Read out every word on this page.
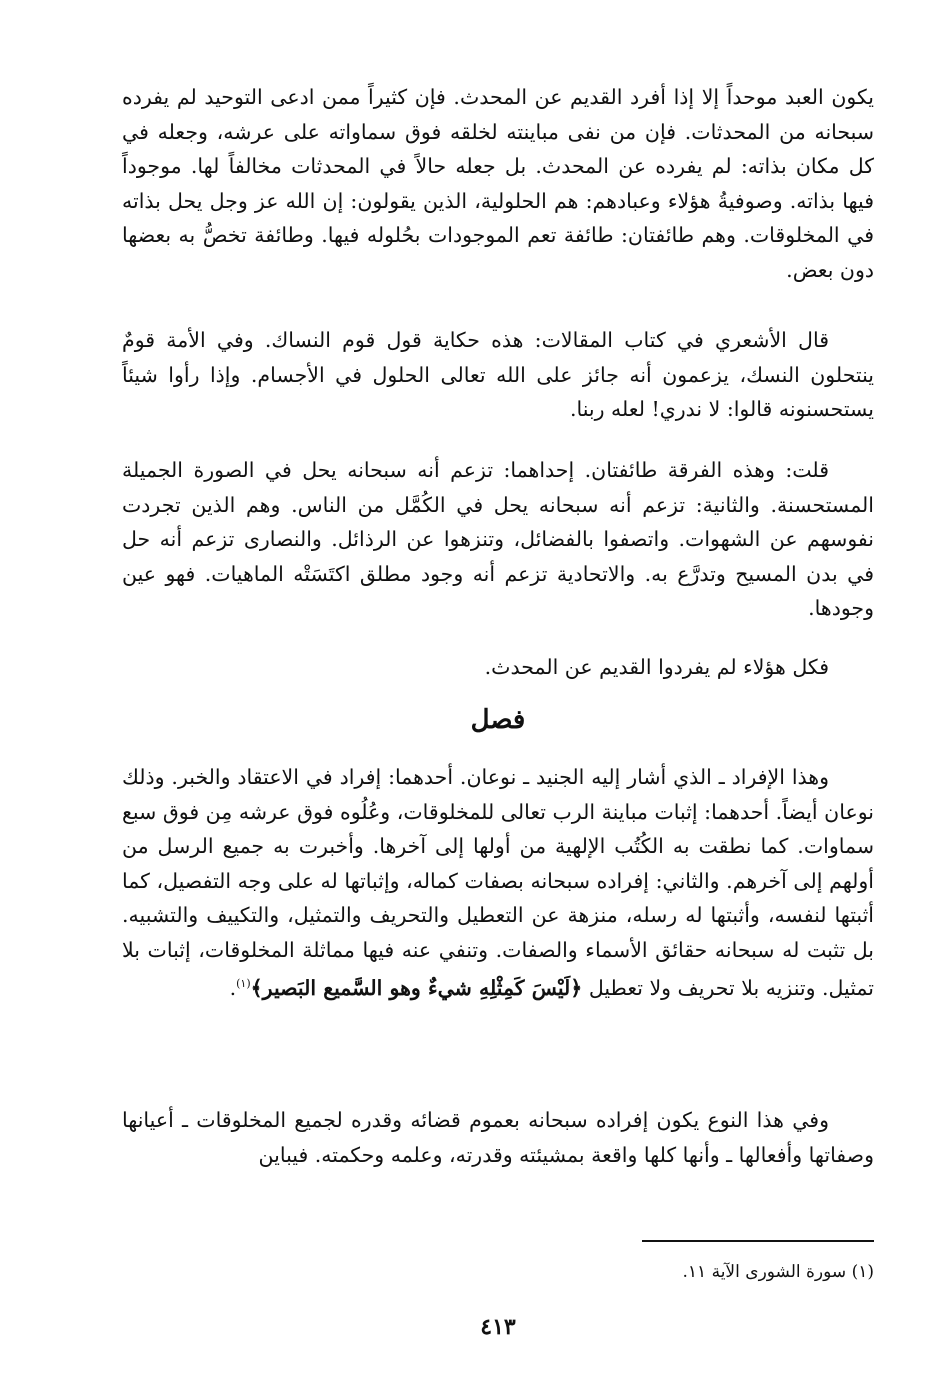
يكون العبد موحداً إلا إذا أفرد القديم عن المحدث. فإن كثيراً ممن ادعى التوحيد لم يفرده سبحانه من المحدثات. فإن من نفى مباينته لخلقه فوق سماواته على عرشه، وجعله في كل مكان بذاته: لم يفرده عن المحدث. بل جعله حالاً في المحدثات مخالفاً لها. موجوداً فيها بذاته. وصوفيةُ هؤلاء وعبادهم: هم الحلولية، الذين يقولون: إن الله عز وجل يحل بذاته في المخلوقات. وهم طائفتان: طائفة تعم الموجودات بحُلوله فيها. وطائفة تخصُّ به بعضها دون بعض.

قال الأشعري في كتاب المقالات: هذه حكاية قول قوم النساك. وفي الأمة قومٌ ينتحلون النسك، يزعمون أنه جائز على الله تعالى الحلول في الأجسام. وإذا رأوا شيئاً يستحسنونه قالوا: لا ندري! لعله ربنا.

قلت: وهذه الفرقة طائفتان. إحداهما: تزعم أنه سبحانه يحل في الصورة الجميلة المستحسنة. والثانية: تزعم أنه سبحانه يحل في الكُمَّل من الناس. وهم الذين تجردت نفوسهم عن الشهوات. واتصفوا بالفضائل، وتنزهوا عن الرذائل. والنصارى تزعم أنه حل في بدن المسيح وتدرَّع به. والاتحادية تزعم أنه وجود مطلق اكتَسَتْه الماهيات. فهو عين وجودها.

فكل هؤلاء لم يفردوا القديم عن المحدث.

فصل

وهذا الإفراد ـ الذي أشار إليه الجنيد ـ نوعان. أحدهما: إفراد في الاعتقاد والخبر. وذلك نوعان أيضاً. أحدهما: إثبات مباينة الرب تعالى للمخلوقات، وعُلُوه فوق عرشه مِن فوق سبع سماوات. كما نطقت به الكُتُب الإلهية من أولها إلى آخرها. وأخبرت به جميع الرسل من أولهم إلى آخرهم. والثاني: إفراده سبحانه بصفات كماله، وإثباتها له على وجه التفصيل، كما أثبتها لنفسه، وأثبتها له رسله، منزهة عن التعطيل والتحريف والتمثيل، والتكييف والتشبيه. بل تثبت له سبحانه حقائق الأسماء والصفات. وتنفي عنه فيها مماثلة المخلوقات، إثبات بلا تمثيل. وتنزيه بلا تحريف ولا تعطيل ﴿لَيْسَ كَمِثْلِهِ شيءٌ وهو السَّميع البَصير﴾$^{(١)}$.

وفي هذا النوع يكون إفراده سبحانه بعموم قضائه وقدره لجميع المخلوقات ـ أعيانها وصفاتها وأفعالها ـ وأنها كلها واقعة بمشيئته وقدرته، وعلمه وحكمته. فيباين

(١) سورة الشورى الآية ١١.

٤١٣
